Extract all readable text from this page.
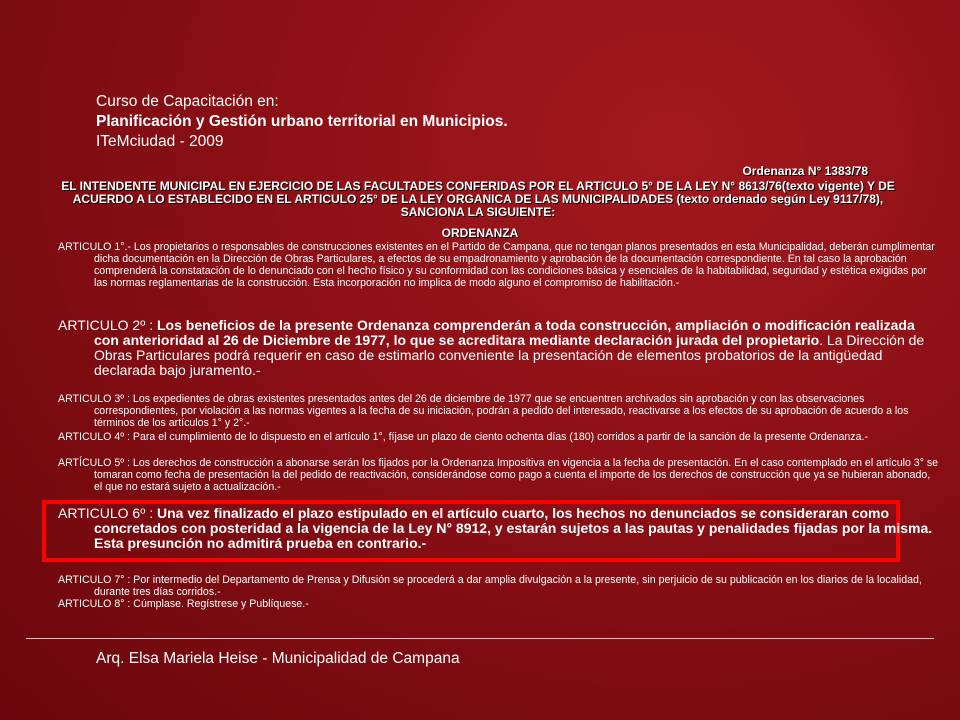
Curso de Capacitación en:
Planificación y Gestión urbano territorial en Municipios.
ITeMciudad - 2009
Ordenanza N° 1383/78
EL INTENDENTE MUNICIPAL EN EJERCICIO DE LAS FACULTADES CONFERIDAS POR EL ARTICULO 5° DE LA LEY N° 8613/76(texto vigente) Y DE ACUERDO A LO ESTABLECIDO EN EL ARTICULO 25° DE LA LEY ORGANICA DE LAS MUNICIPALIDADES (texto ordenado según Ley 9117/78), SANCIONA LA SIGUIENTE:
ORDENANZA
ARTICULO 1°.- Los propietarios o responsables de construcciones existentes en el Partido de Campana, que no tengan planos presentados en esta Municipalidad, deberán cumplimentar dicha documentación en la Dirección de Obras Particulares, a efectos de su empadronamiento y aprobación de la documentación correspondiente. En tal caso la aprobación comprenderá la constatación de lo denunciado con el hecho físico y su conformidad con las condiciones básica y esenciales de la habitabilidad, seguridad y estética exigidas por las normas reglamentarias de la construcción. Esta incorporación no implica de modo alguno el compromiso de habilitación.-
ARTICULO 2º : Los beneficios de la presente Ordenanza comprenderán a toda construcción, ampliación o modificación realizada con anterioridad al 26 de Diciembre de 1977, lo que se acreditara mediante declaración jurada del propietario. La Dirección de Obras Particulares podrá requerir en caso de estimarlo conveniente la presentación de elementos probatorios de la antigüedad declarada bajo juramento.-
ARTICULO 3º : Los expedientes de obras existentes presentados antes del 26 de diciembre de 1977 que se encuentren archivados sin aprobación y con las observaciones correspondientes, por violación a las normas vigentes a la fecha de su iniciación, podrán a pedido del interesado, reactivarse a los efectos de su aprobación de acuerdo a los términos de los artículos 1° y 2°.-
ARTICULO 4º : Para el cumplimiento de lo dispuesto en el artículo 1°, fíjase un plazo de ciento ochenta días (180) corridos a partir de la sanción de la presente Ordenanza.-
ARTÍCULO 5º : Los derechos de construcción a abonarse serán los fijados por la Ordenanza Impositiva en vigencia a la fecha de presentación. En el caso contemplado en el artículo 3° se tomaran como fecha de presentación la del pedido de reactivación, considerándose como pago a cuenta el importe de los derechos de construcción que ya se hubieran abonado, el que no estará sujeto a actualización.-
ARTICULO 6º : Una vez finalizado el plazo estipulado en el artículo cuarto, los hechos no denunciados se consideraran como concretados con posteridad a la vigencia de la Ley N° 8912, y estarán sujetos a las pautas y penalidades fijadas por la misma. Esta presunción no admitirá prueba en contrario.-
ARTICULO 7° : Por intermedio del Departamento de Prensa y Difusión se procederá a dar amplia divulgación a la presente, sin perjuicio de su publicación en los diarios de la localidad, durante tres días corridos.-
ARTICULO 8° : Cúmplase. Regístrese y Publíquese.-
Arq. Elsa Mariela Heise - Municipalidad de Campana
